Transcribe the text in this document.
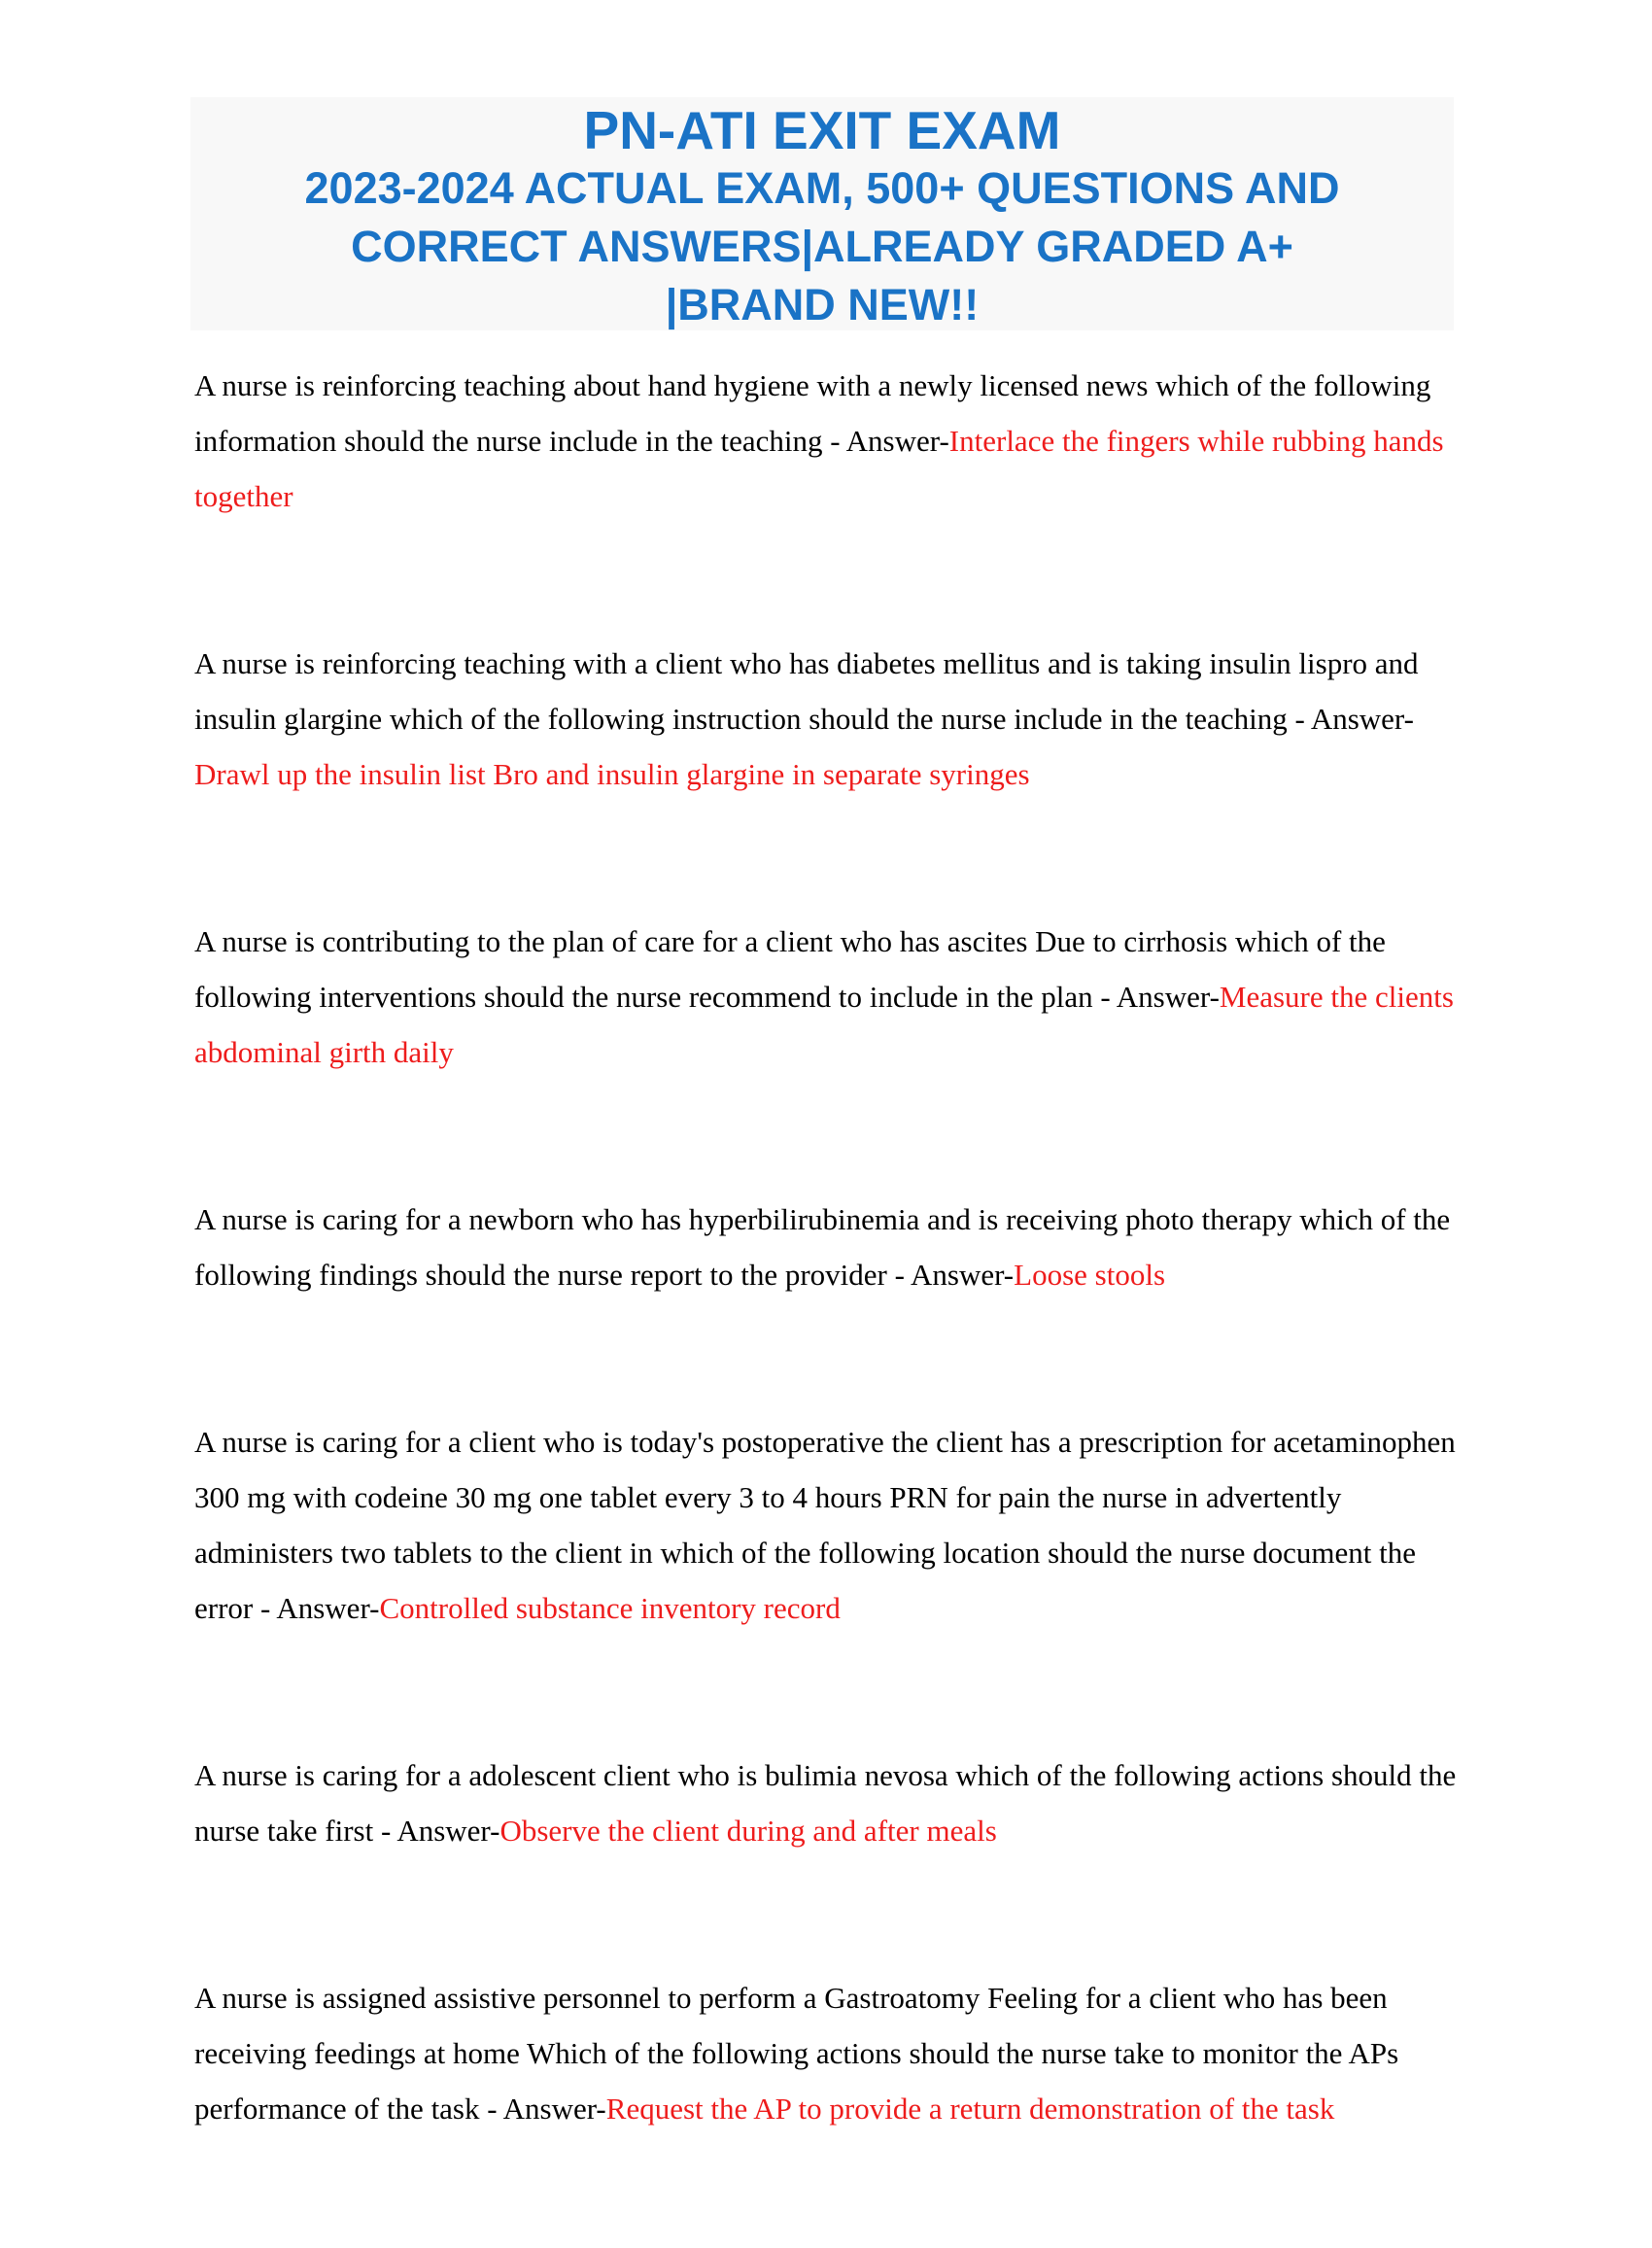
PN-ATI EXIT EXAM
2023-2024 ACTUAL EXAM, 500+ QUESTIONS AND
CORRECT ANSWERS|ALREADY GRADED A+
|BRAND NEW!!

A nurse is reinforcing teaching about hand hygiene with a newly licensed news which of the following information should the nurse include in the teaching - Answer-Interlace the fingers while rubbing hands together

A nurse is reinforcing teaching with a client who has diabetes mellitus and is taking insulin lispro and insulin glargine which of the following instruction should the nurse include in the teaching - Answer-Drawl up the insulin list Bro and insulin glargine in separate syringes

A nurse is contributing to the plan of care for a client who has ascites Due to cirrhosis which of the following interventions should the nurse recommend to include in the plan - Answer-Measure the clients abdominal girth daily

A nurse is caring for a newborn who has hyperbilirubinemia and is receiving photo therapy which of the following findings should the nurse report to the provider - Answer-Loose stools

A nurse is caring for a client who is today's postoperative the client has a prescription for acetaminophen 300 mg with codeine 30 mg one tablet every 3 to 4 hours PRN for pain the nurse in advertently administers two tablets to the client in which of the following location should the nurse document the error - Answer-Controlled substance inventory record

A nurse is caring for a adolescent client who is bulimia nevosa which of the following actions should the nurse take first - Answer-Observe the client during and after meals

A nurse is assigned assistive personnel to perform a Gastroatomy Feeling for a client who has been receiving feedings at home Which of the following actions should the nurse take to monitor the APs performance of the task - Answer-Request the AP to provide a return demonstration of the task
